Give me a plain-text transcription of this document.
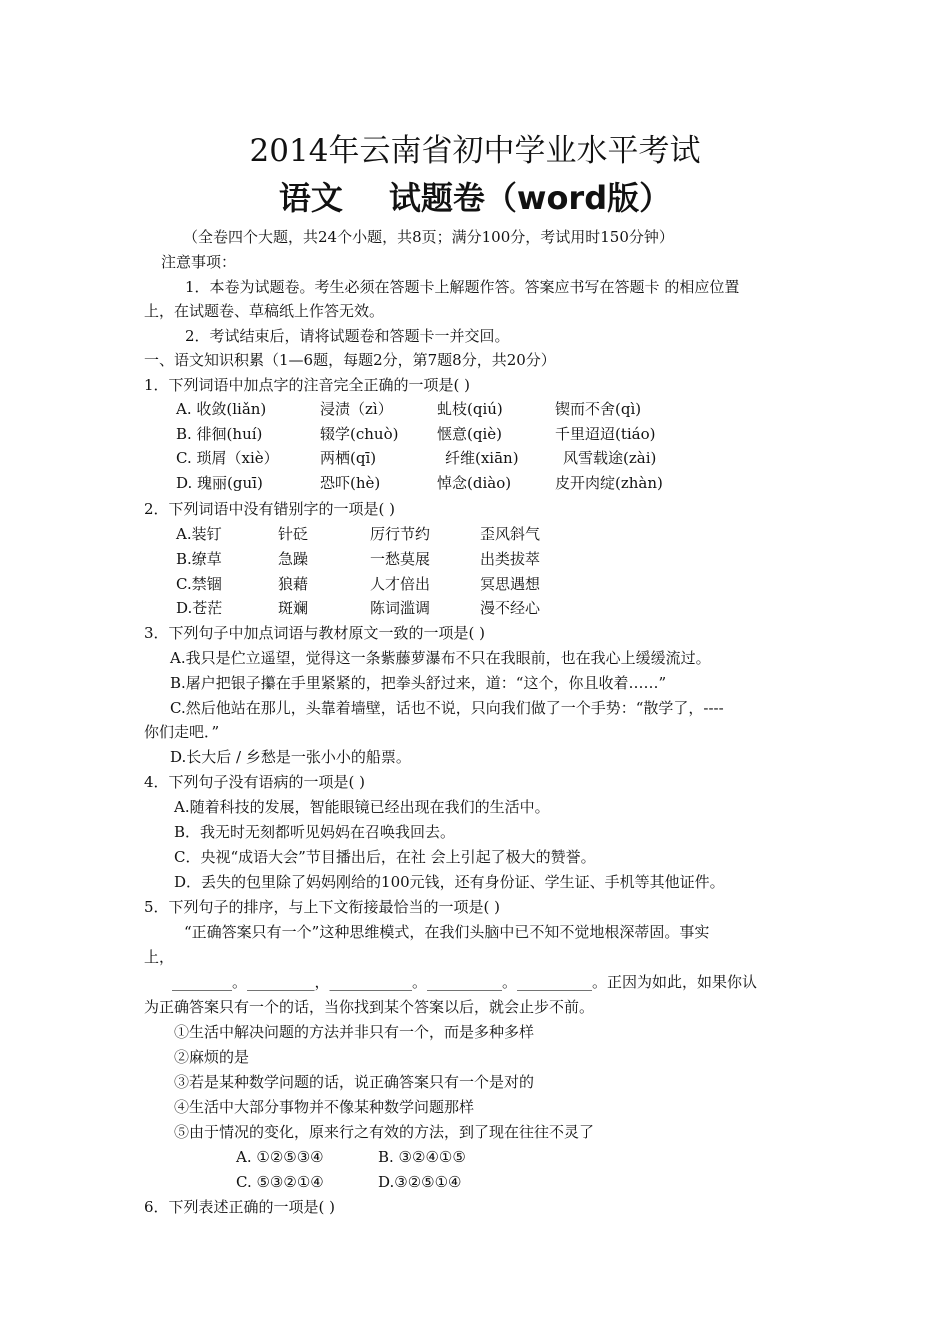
2014年云南省初中学业水平考试
语文 试题卷（word版）
（全卷四个大题，共24个小题，共8页；满分100分，考试用时150分钟）
注意事项：
1．本卷为试题卷。考生必须在答题卡上解题作答。答案应书写在答题卡 的相应位置
上，在试题卷、草稿纸上作答无效。
2．考试结束后，请将试题卷和答题卡一并交回。
一、语文知识积累（1—6题，每题2分，第7题8分，共20分）
1．下列词语中加点字的注音完全正确的一项是( )
A. 收敛(liǎn)	浸渍（zì）	虬枝(qiú)	锲而不舍(qì)
B. 徘徊(huí)	辍学(chuò)	惬意(qiè)	千里迢迢(tiáo)
C. 琐屑（xiè）	两栖(qī)	纤维(xiān)	风雪载途(zài)
D. 瑰丽(guī)	恐吓(hè)	悼念(diào)	皮开肉绽(zhàn)
2．下列词语中没有错别字的一项是( )
A.装钉	针砭	厉行节约	歪风斜气
B.缭草	急躁	一愁莫展	出类拔萃
C.禁锢	狼藉	人才倍出	冥思遇想
D.苍茫	斑斓	陈词滥调	漫不经心
3．下列句子中加点词语与教材原文一致的一项是( )
A.我只是伫立遥望，觉得这一条紫藤萝瀑布不只在我眼前，也在我心上缓缓流过。
B.屠户把银子攥在手里紧紧的，把拳头舒过来，道：“这个，你且收着……”
C.然后他站在那儿，头靠着墙壁，话也不说，只向我们做了一个手势：“散学了，----
你们走吧．”
D.长大后 / 乡愁是一张小小的船票。
4．下列句子没有语病的一项是( )
A.随着科技的发展，智能眼镜已经出现在我们的生活中。
B．我无时无刻都听见妈妈在召唤我回去。
C．央视“成语大会”节目播出后，在社 会上引起了极大的赞誉。
D．丢失的包里除了妈妈刚给的100元钱，还有身份证、学生证、手机等其他证件。
5．下列句子的排序，与上下文衔接最恰当的一项是( )
“正确答案只有一个”这种思维模式，在我们头脑中已不知不觉地根深蒂固。事实
上，
________。_________，___________。__________。__________。正因为如此，如果你认
为正确答案只有一个的话，当你找到某个答案以后，就会止步不前。
①生活中解决问题的方法并非只有一个，而是多种多样
②麻烦的是
③若是某种数学问题的话，说正确答案只有一个是对的
④生活中大部分事物并不像某种数学问题那样
⑤由于情况的变化，原来行之有效的方法，到了现在往往不灵了
A. ①②⑤③④	B. ③②④①⑤
C. ⑤③②①④	D.③②⑤①④
6．下列表述正确的一项是( )
